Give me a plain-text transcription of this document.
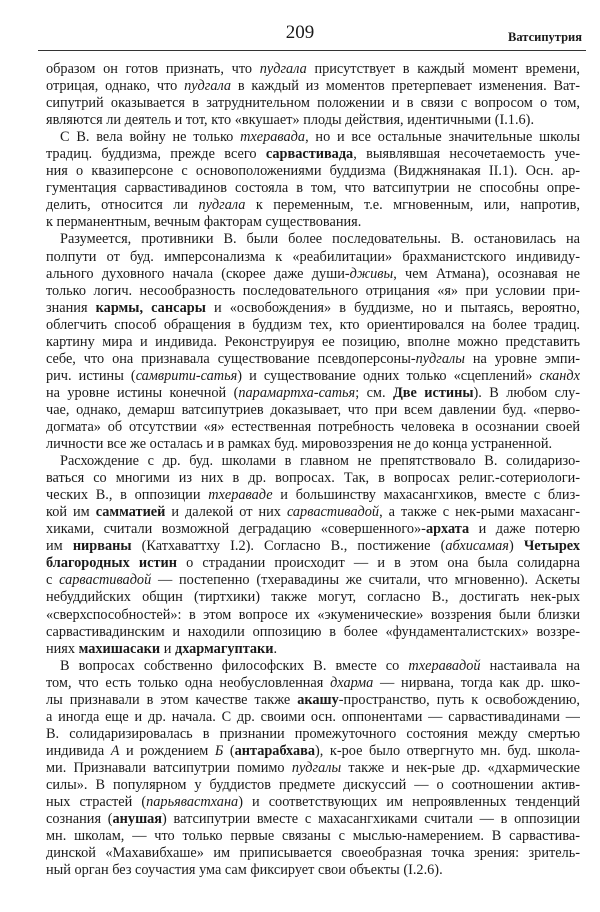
209	Ватсипутрия
образом он готов признать, что пудгала присутствует в каждый момент времени,
отрицая, однако, что пудгала в каждый из моментов претерпевает изменения. Ват-
сипутрий оказывается в затруднительном положении и в связи с вопросом о том,
являются ли деятель и тот, кто «вкушает» плоды действия, идентичными (I.1.6).
С В. вела войну не только тхеравада, но и все остальные значительные школы
традиц. буддизма, прежде всего сарвастивада, выявлявшая несочетаемость уче-
ния о квазиперсоне с основоположениями буддизма (Виджнянакая II.1). Осн. ар-
гументация сарвастивадинов состояла в том, что ватсипутрии не способны опре-
делить, относится ли пудгала к переменным, т.е. мгновенным, или, напротив,
к перманентным, вечным факторам существования.
Разумеется, противники В. были более последовательны. В. остановилась на
полпути от буд. имперсонализма к «реабилитации» брахманистского индивиду-
ального духовного начала (скорее даже души-дживы, чем Атмана), осознавая не
только логич. несообразность последовательного отрицания «я» при условии при-
знания кармы, сансары и «освобождения» в буддизме, но и пытаясь, вероятно,
облегчить способ обращения в буддизм тех, кто ориентировался на более традиц.
картину мира и индивида. Реконструируя ее позицию, вполне можно представить
себе, что она признавала существование псевдоперсоны-пудгалы на уровне эмпи-
рич. истины (самврити-сатья) и существование одних только «сцеплений» скандх
на уровне истины конечной (парамартха-сатья; см. Две истины). В любом слу-
чае, однако, демарш ватсипутриев доказывает, что при всем давлении буд. «перво-
догмата» об отсутствии «я» естественная потребность человека в осознании своей
личности все же осталась и в рамках буд. мировоззрения не до конца устраненной.
Расхождение с др. буд. школами в главном не препятствовало В. солидаризо-
ваться со многими из них в др. вопросах. Так, в вопросах религ.-сотериологи-
ческих В., в оппозиции тхераваде и большинству махасангхиков, вместе с близ-
кой им самматией и далекой от них сарвастивадой, а также с нек-рыми махасанг-
хиками, считали возможной деградацию «совершенного»-архата и даже потерю
им нирваны (Катхаваттху I.2). Согласно В., постижение (абхисамая) Четырех
благородных истин о страдании происходит — и в этом она была солидарна
с сарвастивадой — постепенно (тхеравадины же считали, что мгновенно). Аскеты
небуддийских общин (тиртхики) также могут, согласно В., достигать нек-рых
«сверхспособностей»: в этом вопросе их «экуменические» воззрения были близки
сарвастивадинским и находили оппозицию в более «фундаменталистских» воззре-
ниях махишасаки и дхармагуптаки.
В вопросах собственно философских В. вместе со тхеравадой настаивала на
том, что есть только одна необусловленная дхарма — нирвана, тогда как др. шко-
лы признавали в этом качестве также акашу-пространство, путь к освобождению,
а иногда еще и др. начала. С др. своими осн. оппонентами — сарвастивадинами —
В. солидаризировалась в признании промежуточного состояния между смертью
индивида А и рождением Б (антарабхава), к-рое было отвергнуто мн. буд. школа-
ми. Признавали ватсипутрии помимо пудгалы также и нек-рые др. «дхармические
силы». В популярном у буддистов предмете дискуссий — о соотношении актив-
ных страстей (парьявастхана) и соответствующих им непроявленных тенденций
сознания (анушая) ватсипутрии вместе с махасангхиками считали — в оппозиции
мн. школам, — что только первые связаны с мыслью-намерением. В сарвастива-
динской «Махавибхаше» им приписывается своеобразная точка зрения: зритель-
ный орган без соучастия ума сам фиксирует свои объекты (I.2.6).
